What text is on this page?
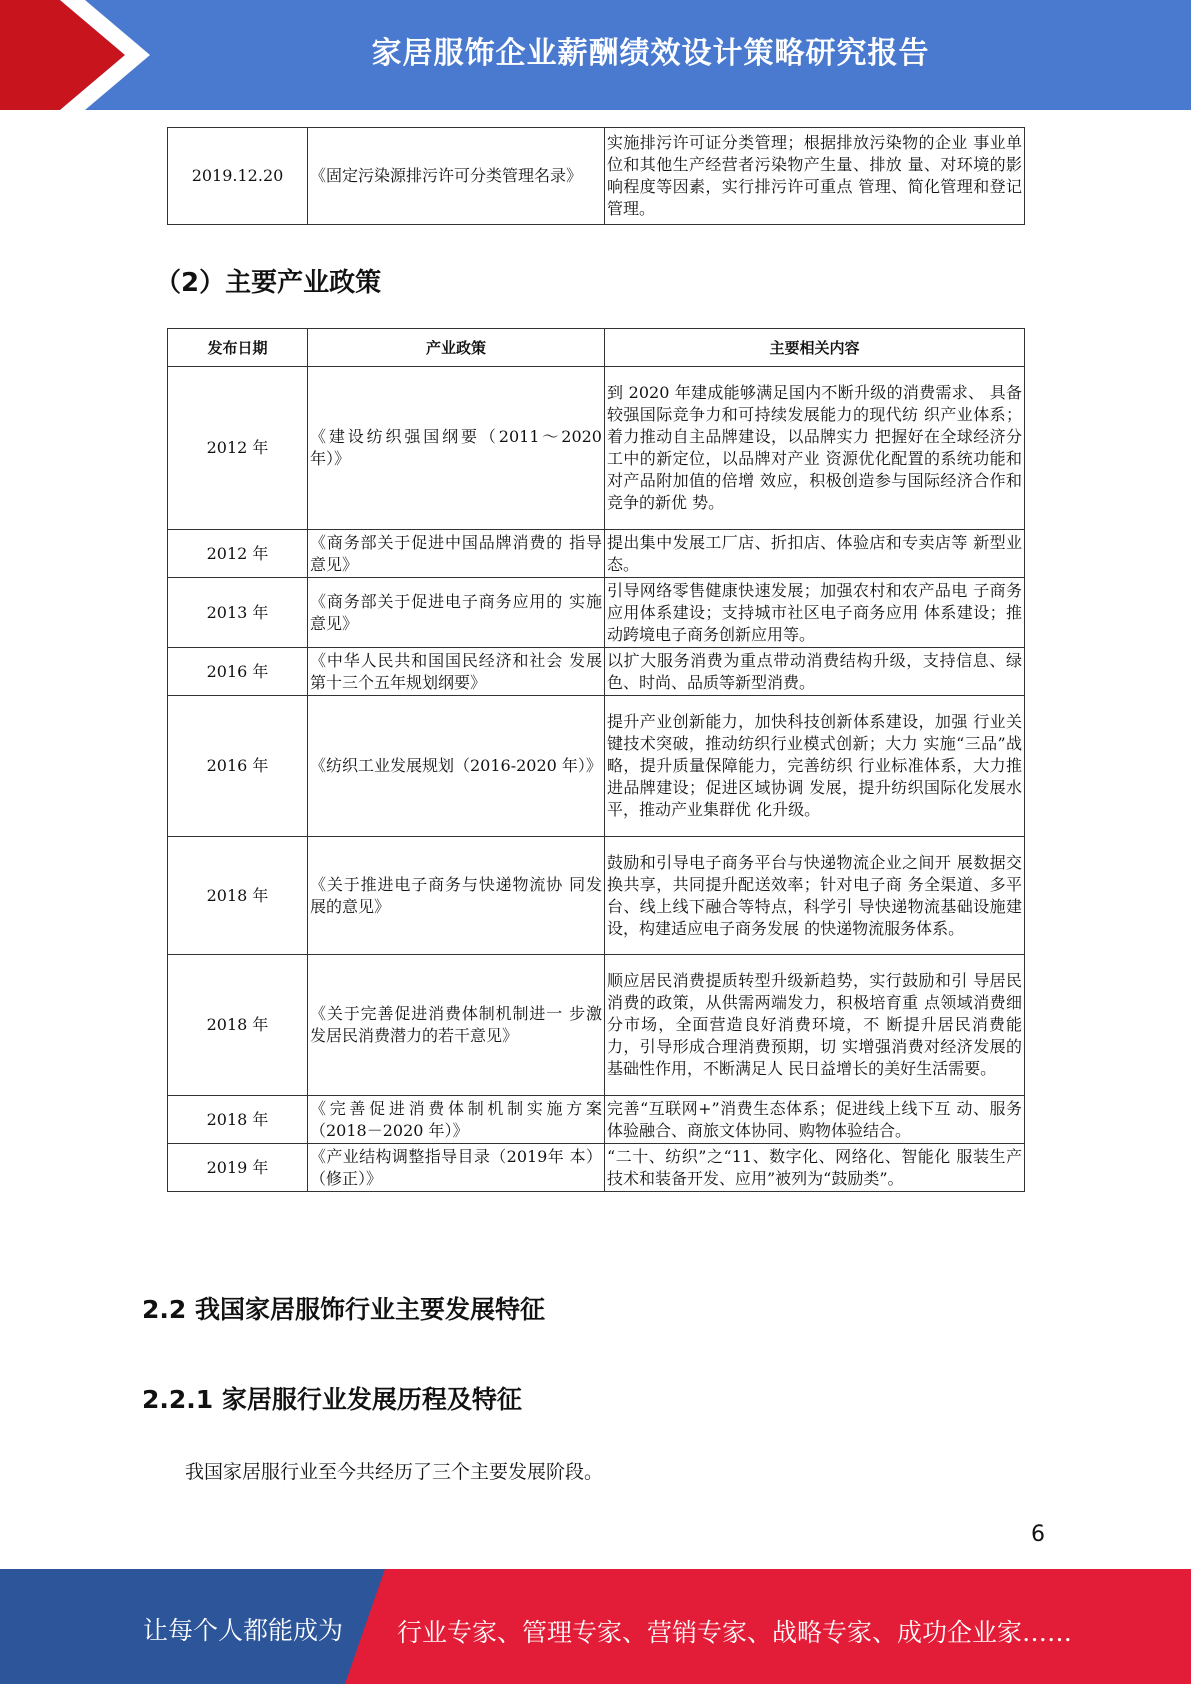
家居服饰企业薪酬绩效设计策略研究报告
2019.12.20	《固定污染源排污许可分类管理名录》	实施排污许可证分类管理；根据排放污染物的企业 事业单位和其他生产经营者污染物产生量、排放 量、对环境的影响程度等因素，实行排污许可重点 管理、简化管理和登记管理。
（2）主要产业政策
发布日期	产业政策	主要相关内容
2012 年	《建设纺织强国纲要（2011～2020 年）》	到 2020 年建成能够满足国内不断升级的消费需求、 具备较强国际竞争力和可持续发展能力的现代纺 织产业体系；着力推动自主品牌建设，以品牌实力 把握好在全球经济分工中的新定位，以品牌对产业 资源优化配置的系统功能和对产品附加值的倍增 效应，积极创造参与国际经济合作和竞争的新优 势。
2012 年	《商务部关于促进中国品牌消费的 指导意见》	提出集中发展工厂店、折扣店、体验店和专卖店等 新型业态。
2013 年	《商务部关于促进电子商务应用的 实施意见》	引导网络零售健康快速发展；加强农村和农产品电 子商务应用体系建设；支持城市社区电子商务应用 体系建设；推动跨境电子商务创新应用等。
2016 年	《中华人民共和国国民经济和社会 发展第十三个五年规划纲要》	以扩大服务消费为重点带动消费结构升级，支持信息、绿色、时尚、品质等新型消费。
2016 年	《纺织工业发展规划（2016-2020 年）》	提升产业创新能力，加快科技创新体系建设，加强 行业关键技术突破，推动纺织行业模式创新；大力 实施“三品”战略，提升质量保障能力，完善纺织 行业标准体系，大力推进品牌建设；促进区域协调 发展，提升纺织国际化发展水平，推动产业集群优 化升级。
2018 年	《关于推进电子商务与快递物流协 同发展的意见》	鼓励和引导电子商务平台与快递物流企业之间开 展数据交换共享，共同提升配送效率；针对电子商 务全渠道、多平台、线上线下融合等特点，科学引 导快递物流基础设施建设，构建适应电子商务发展 的快递物流服务体系。
2018 年	《关于完善促进消费体制机制进一 步激发居民消费潜力的若干意见》	顺应居民消费提质转型升级新趋势，实行鼓励和引 导居民消费的政策，从供需两端发力，积极培育重 点领域消费细分市场，全面营造良好消费环境，不 断提升居民消费能力，引导形成合理消费预期，切 实增强消费对经济发展的基础性作用，不断满足人 民日益增长的美好生活需要。
2018 年	《完善促进消费体制机制实施方案（2018－2020 年）》	完善“互联网+”消费生态体系；促进线上线下互 动、服务体验融合、商旅文体协同、购物体验结合。
2019 年	《产业结构调整指导目录（2019年 本）（修正）》	“二十、纺织”之“11、数字化、网络化、智能化 服装生产技术和装备开发、应用”被列为“鼓励类”。
2.2 我国家居服饰行业主要发展特征
2.2.1 家居服行业发展历程及特征
我国家居服行业至今共经历了三个主要发展阶段。
6
让每个人都能成为 行业专家、管理专家、营销专家、战略专家、成功企业家……
